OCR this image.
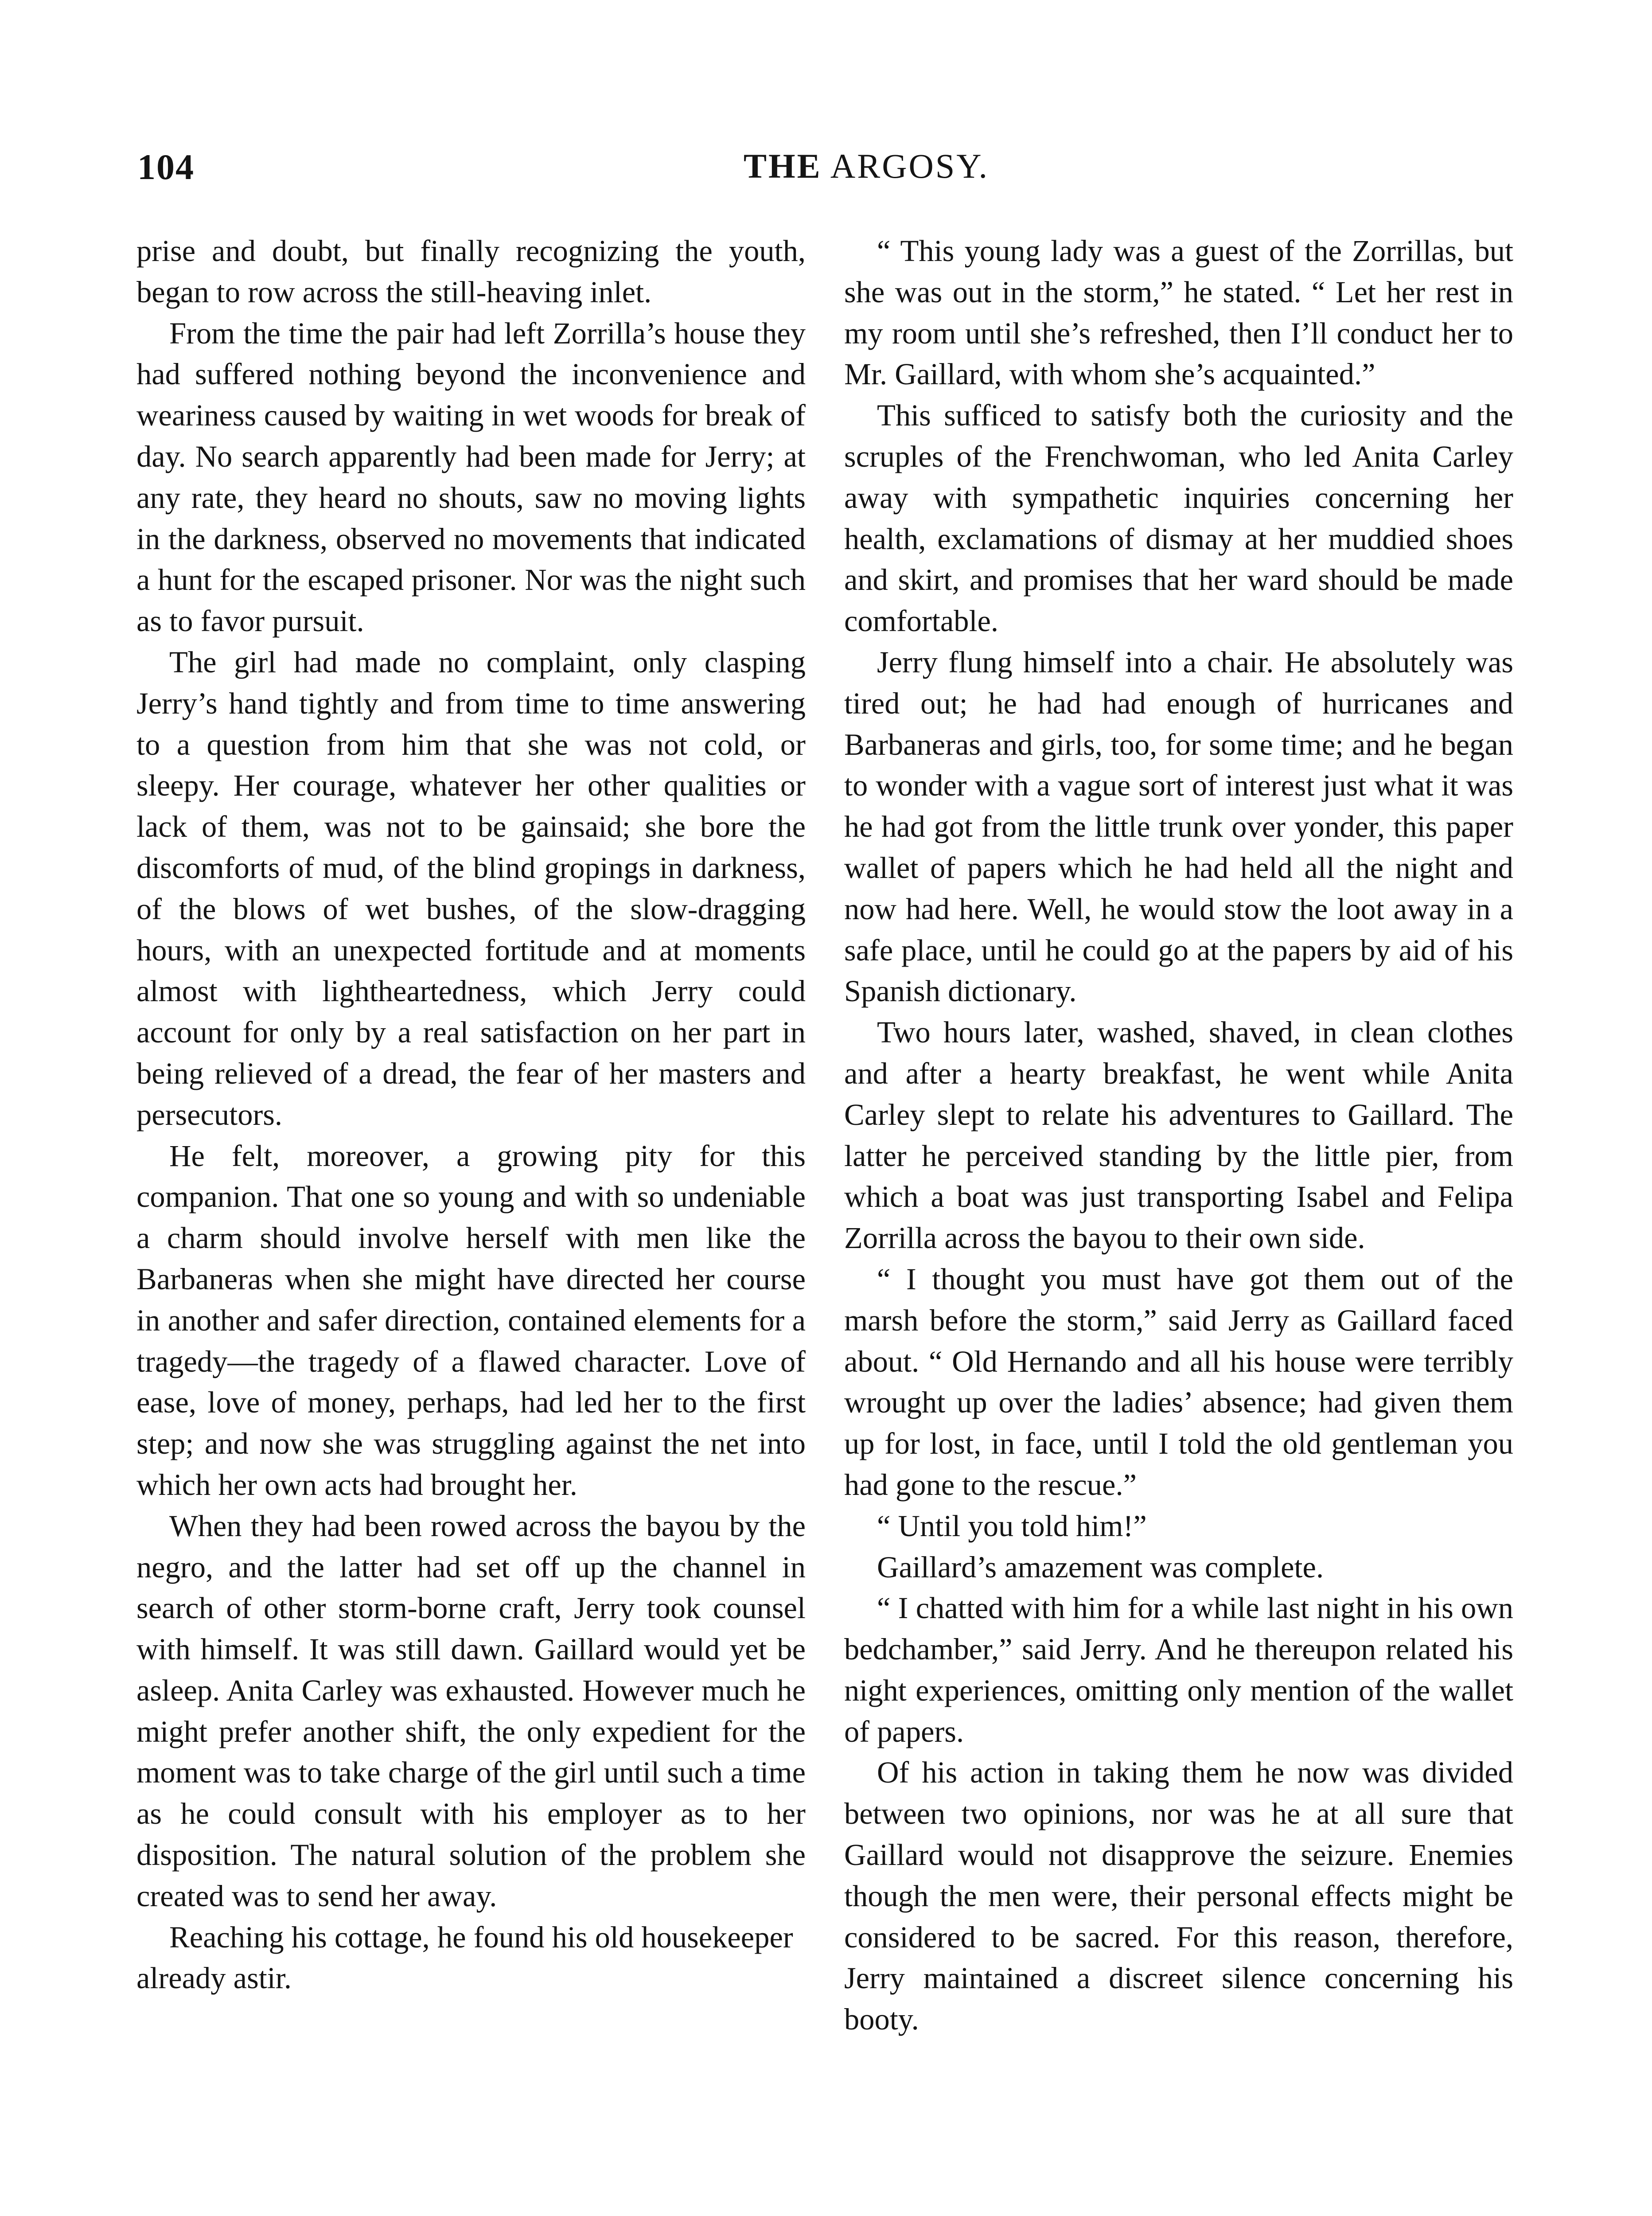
104	THE ARGOSY.

prise and doubt, but finally recognizing the youth, began to row across the still-heaving inlet.

From the time the pair had left Zorrilla’s house they had suffered nothing beyond the inconvenience and weariness caused by waiting in wet woods for break of day. No search apparently had been made for Jerry; at any rate, they heard no shouts, saw no moving lights in the darkness, observed no movements that indicated a hunt for the escaped prisoner. Nor was the night such as to favor pursuit.

The girl had made no complaint, only clasping Jerry’s hand tightly and from time to time answering to a question from him that she was not cold, or sleepy. Her courage, whatever her other qualities or lack of them, was not to be gainsaid; she bore the discomforts of mud, of the blind gropings in darkness, of the blows of wet bushes, of the slow-dragging hours, with an unexpected fortitude and at moments almost with lightheartedness, which Jerry could account for only by a real satisfaction on her part in being relieved of a dread, the fear of her masters and persecutors.

He felt, moreover, a growing pity for this companion. That one so young and with so undeniable a charm should involve herself with men like the Barbaneras when she might have directed her course in another and safer direction, contained elements for a tragedy—the tragedy of a flawed character. Love of ease, love of money, perhaps, had led her to the first step; and now she was struggling against the net into which her own acts had brought her.

When they had been rowed across the bayou by the negro, and the latter had set off up the channel in search of other storm-borne craft, Jerry took counsel with himself. It was still dawn. Gaillard would yet be asleep. Anita Carley was exhausted. However much he might prefer another shift, the only expedient for the moment was to take charge of the girl until such a time as he could consult with his employer as to her disposition. The natural solution of the problem she created was to send her away.

Reaching his cottage, he found his old housekeeper already astir.

“ This young lady was a guest of the Zorrillas, but she was out in the storm,” he stated. “ Let her rest in my room until she’s refreshed, then I’ll conduct her to Mr. Gaillard, with whom she’s acquainted.”

This sufficed to satisfy both the curiosity and the scruples of the Frenchwoman, who led Anita Carley away with sympathetic inquiries concerning her health, exclamations of dismay at her muddied shoes and skirt, and promises that her ward should be made comfortable.

Jerry flung himself into a chair. He absolutely was tired out; he had had enough of hurricanes and Barbaneras and girls, too, for some time; and he began to wonder with a vague sort of interest just what it was he had got from the little trunk over yonder, this paper wallet of papers which he had held all the night and now had here. Well, he would stow the loot away in a safe place, until he could go at the papers by aid of his Spanish dictionary.

Two hours later, washed, shaved, in clean clothes and after a hearty breakfast, he went while Anita Carley slept to relate his adventures to Gaillard. The latter he perceived standing by the little pier, from which a boat was just transporting Isabel and Felipa Zorrilla across the bayou to their own side.

“ I thought you must have got them out of the marsh before the storm,” said Jerry as Gaillard faced about. “ Old Hernando and all his house were terribly wrought up over the ladies’ absence; had given them up for lost, in face, until I told the old gentleman you had gone to the rescue.”

“ Until you told him!”

Gaillard’s amazement was complete.

“ I chatted with him for a while last night in his own bedchamber,” said Jerry. And he thereupon related his night experiences, omitting only mention of the wallet of papers.

Of his action in taking them he now was divided between two opinions, nor was he at all sure that Gaillard would not disapprove the seizure. Enemies though the men were, their personal effects might be considered to be sacred. For this reason, therefore, Jerry maintained a discreet silence concerning his booty.
